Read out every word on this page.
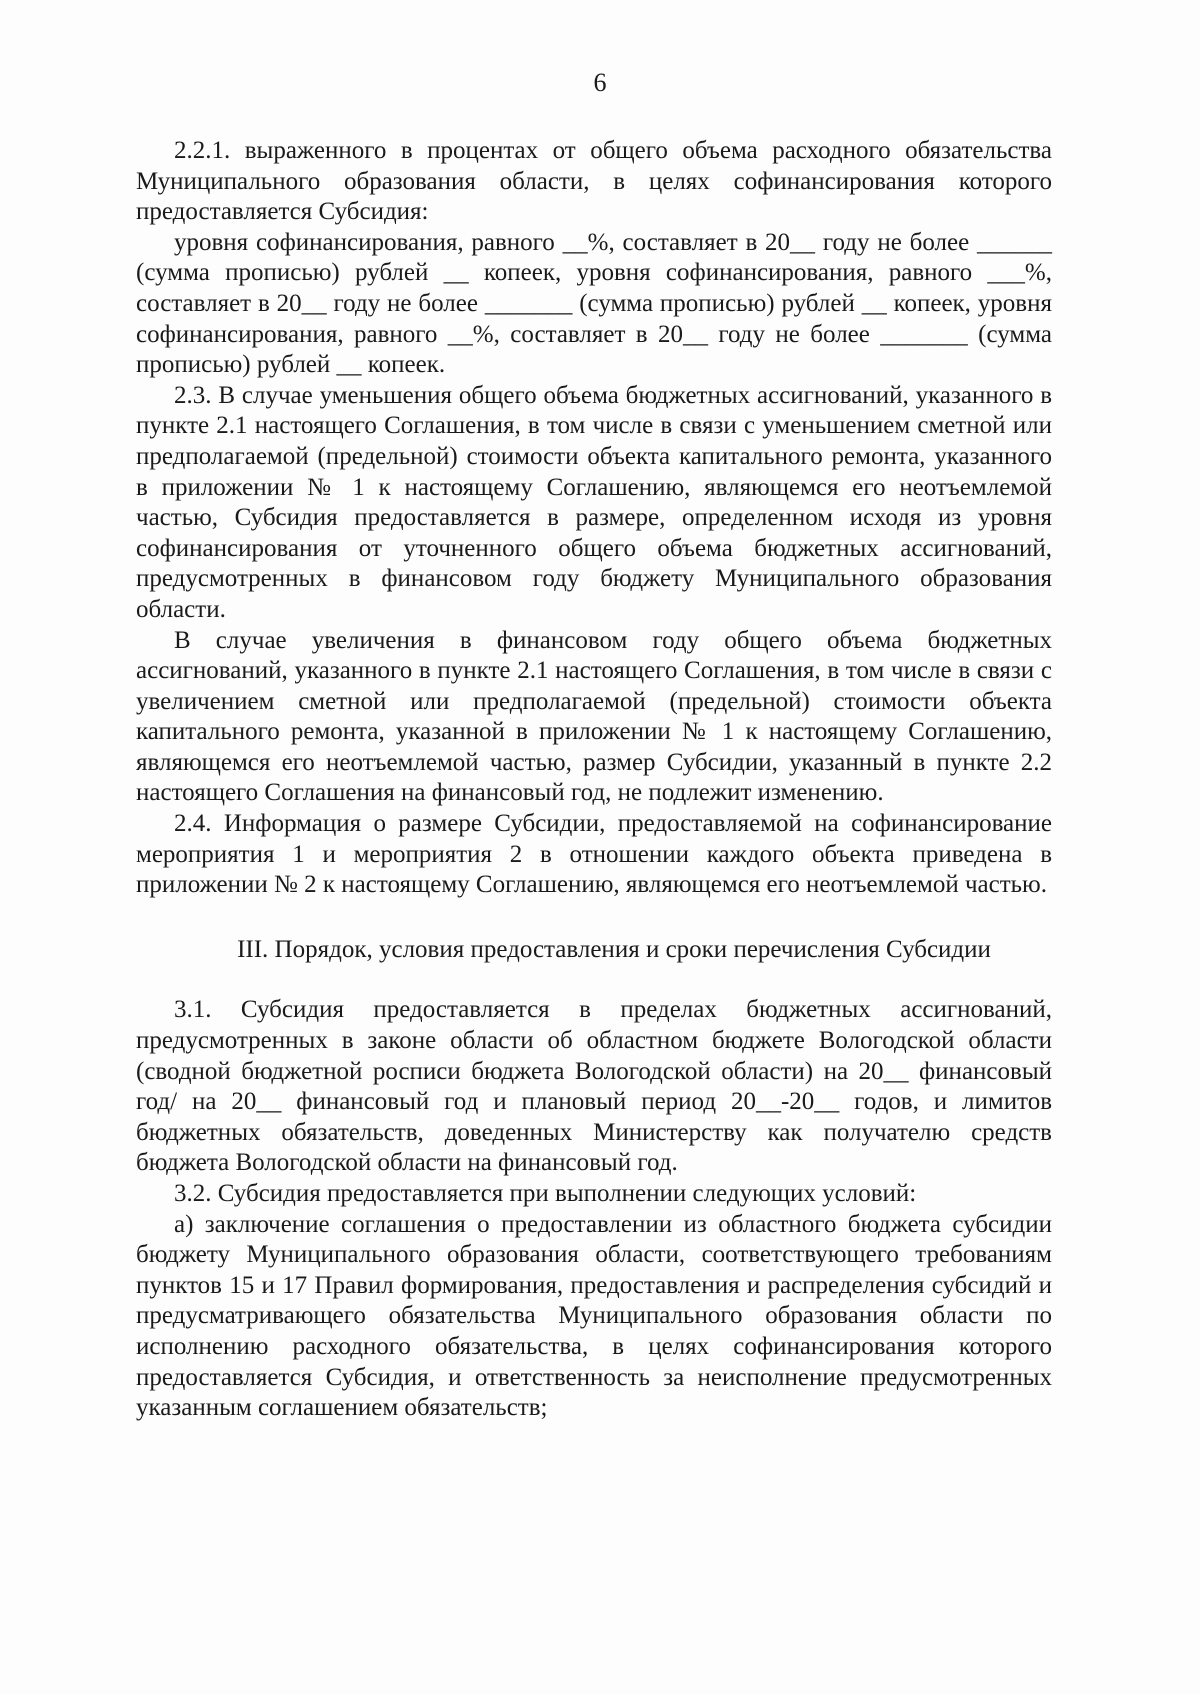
6

2.2.1. выраженного в процентах от общего объема расходного обязательства Муниципального образования области, в целях софинансирования которого предоставляется Субсидия:

уровня софинансирования, равного __%, составляет в 20__ году не более ______ (сумма прописью) рублей __ копеек, уровня софинансирования, равного ___%, составляет в 20__ году не более _______ (сумма прописью) рублей __ копеек, уровня софинансирования, равного __%, составляет в 20__ году не более _______ (сумма прописью) рублей __ копеек.

2.3. В случае уменьшения общего объема бюджетных ассигнований, указанного в пункте 2.1 настоящего Соглашения, в том числе в связи с уменьшением сметной или предполагаемой (предельной) стоимости объекта капитального ремонта, указанного в приложении № 1 к настоящему Соглашению, являющемся его неотъемлемой частью, Субсидия предоставляется в размере, определенном исходя из уровня софинансирования от уточненного общего объема бюджетных ассигнований, предусмотренных в финансовом году бюджету Муниципального образования области.

В случае увеличения в финансовом году общего объема бюджетных ассигнований, указанного в пункте 2.1 настоящего Соглашения, в том числе в связи с увеличением сметной или предполагаемой (предельной) стоимости объекта капитального ремонта, указанной в приложении № 1 к настоящему Соглашению, являющемся его неотъемлемой частью, размер Субсидии, указанный в пункте 2.2 настоящего Соглашения на финансовый год, не подлежит изменению.

2.4. Информация о размере Субсидии, предоставляемой на софинансирование мероприятия 1 и мероприятия 2 в отношении каждого объекта приведена в приложении № 2 к настоящему Соглашению, являющемся его неотъемлемой частью.

III. Порядок, условия предоставления и сроки перечисления Субсидии

3.1. Субсидия предоставляется в пределах бюджетных ассигнований, предусмотренных в законе области об областном бюджете Вологодской области (сводной бюджетной росписи бюджета Вологодской области) на 20__ финансовый год/ на 20__ финансовый год и плановый период 20__-20__ годов, и лимитов бюджетных обязательств, доведенных Министерству как получателю средств бюджета Вологодской области на финансовый год.

3.2. Субсидия предоставляется при выполнении следующих условий:

а) заключение соглашения о предоставлении из областного бюджета субсидии бюджету Муниципального образования области, соответствующего требованиям пунктов 15 и 17 Правил формирования, предоставления и распределения субсидий и предусматривающего обязательства Муниципального образования области по исполнению расходного обязательства, в целях софинансирования которого предоставляется Субсидия, и ответственность за неисполнение предусмотренных указанным соглашением обязательств;
